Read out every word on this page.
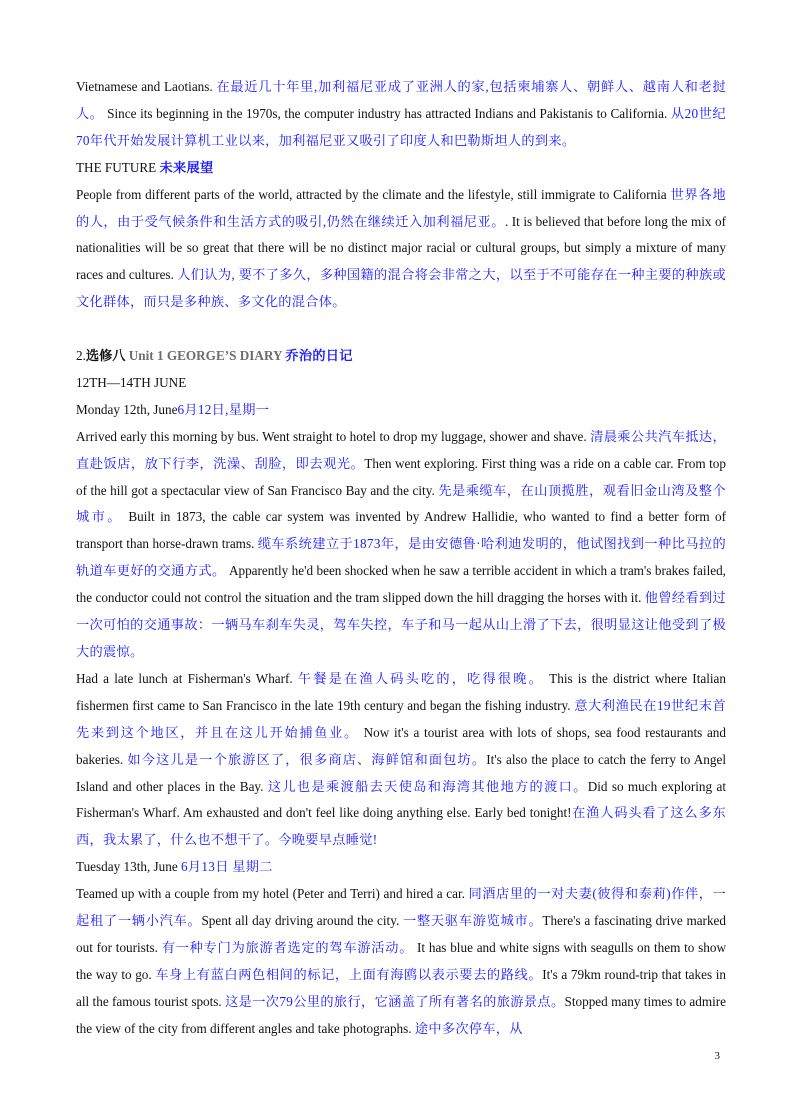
Vietnamese and Laotians. 在最近几十年里,加利福尼亚成了亚洲人的家,包括柬埔寨人、朝鲜人、越南人和老挝人。 Since its beginning in the 1970s, the computer industry has attracted Indians and Pakistanis to California. 从20世纪70年代开始发展计算机工业以来，加利福尼亚又吸引了印度人和巴勒斯坦人的到来。

THE FUTURE 未来展望

People from different parts of the world, attracted by the climate and the lifestyle, still immigrate to California 世界各地的人，由于受气候条件和生活方式的吸引,仍然在继续迁入加利福尼亚。. It is believed that before long the mix of nationalities will be so great that there will be no distinct major racial or cultural groups, but simply a mixture of many races and cultures. 人们认为, 要不了多久，多种国籍的混合将会非常之大，以至于不可能存在一种主要的种族或文化群体，而只是多种族、多文化的混合体。

2.选修八 Unit 1 GEORGE’S DIARY 乔治的日记

12TH—14TH JUNE

Monday 12th, June6月12日,星期一

Arrived early this morning by bus. Went straight to hotel to drop my luggage, shower and shave. 清晨乘公共汽车抵达，直赴饭店，放下行李，洗澡、刮脸，即去观光。Then went exploring. First thing was a ride on a cable car. From top of the hill got a spectacular view of San Francisco Bay and the city. 先是乘缆车，在山顶揽胜，观看旧金山湾及整个城市。 Built in 1873, the cable car system was invented by Andrew Hallidie, who wanted to find a better form of transport than horse-drawn trams. 缆车系统建立于1873年，是由安德鲁·哈利迪发明的，他试图找到一种比马拉的轨道车更好的交通方式。 Apparently he'd been shocked when he saw a terrible accident in which a tram's brakes failed, the conductor could not control the situation and the tram slipped down the hill dragging the horses with it. 他曾经看到过一次可怕的交通事故：一辆马车刹车失灵，驾车失控，车子和马一起从山上滑了下去，很明显这让他受到了极大的震惊。

Had a late lunch at Fisherman's Wharf. 午餐是在渔人码头吃的，吃得很晚。 This is the district where Italian fishermen first came to San Francisco in the late 19th century and began the fishing industry. 意大利渔民在19世纪末首先来到这个地区，并且在这儿开始捕鱼业。 Now it's a tourist area with lots of shops, sea food restaurants and bakeries. 如今这儿是一个旅游区了，很多商店、海鲜馆和面包坊。It's also the place to catch the ferry to Angel Island and other places in the Bay. 这儿也是乘渡船去天使岛和海湾其他地方的渡口。Did so much exploring at Fisherman's Wharf. Am exhausted and don't feel like doing anything else. Early bed tonight!在渔人码头看了这么多东西，我太累了，什么也不想干了。今晚要早点睡觉!

Tuesday 13th, June 6月13日 星期二

Teamed up with a couple from my hotel (Peter and Terri) and hired a car. 同酒店里的一对夫妻(彼得和泰莉)作伴，一起租了一辆小汽车。Spent all day driving around the city. 一整天驱车游览城市。There's a fascinating drive marked out for tourists. 有一种专门为旅游者选定的驾车游活动。 It has blue and white signs with seagulls on them to show the way to go. 车身上有蓝白两色相间的标记，上面有海鸥以表示要去的路线。It's a 79km round-trip that takes in all the famous tourist spots. 这是一次79公里的旅行，它涵盖了所有著名的旅游景点。Stopped many times to admire the view of the city from different angles and take photographs. 途中多次停车，从

3
